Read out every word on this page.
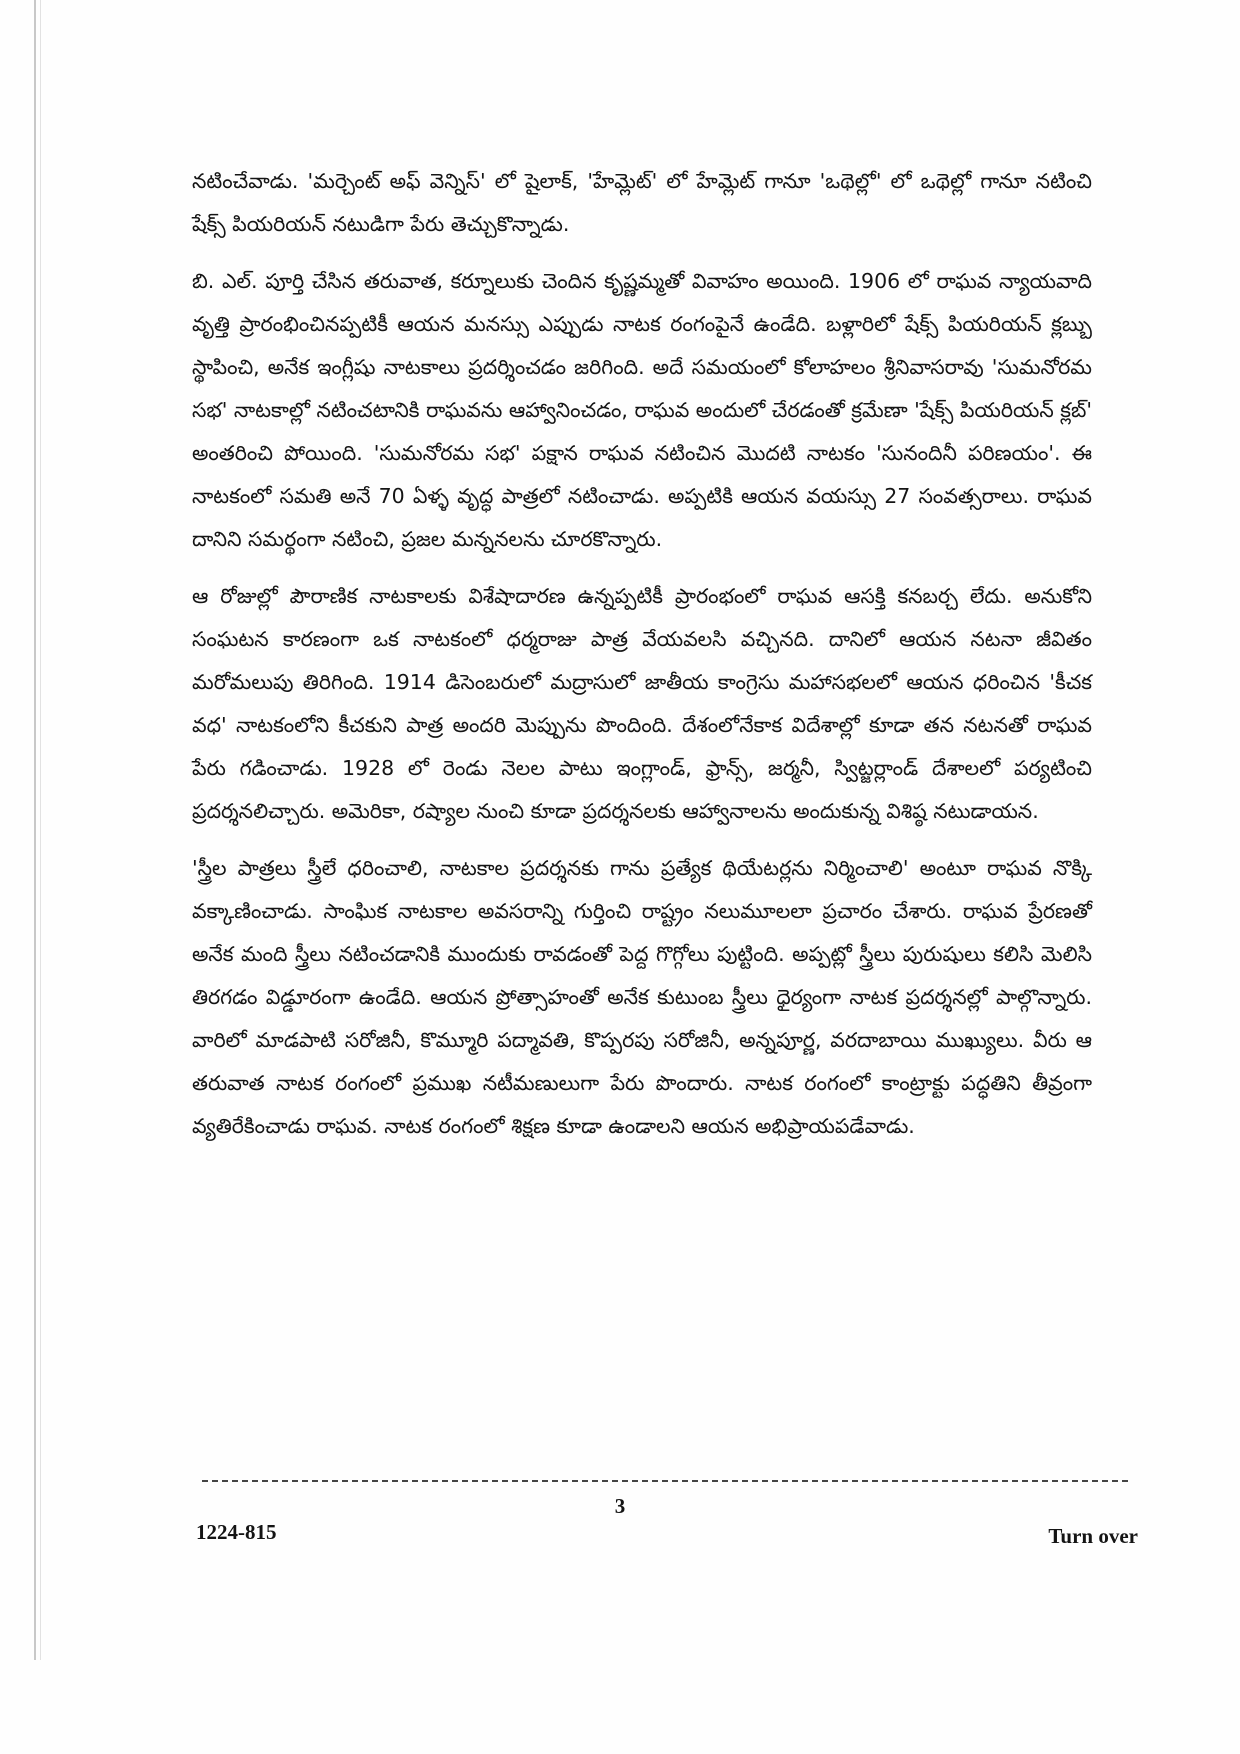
నటించేవాడు. 'మర్చెంట్ అఫ్ వెన్నిస్' లో షైలాక్, 'హేమ్లెట్' లో హేమ్లెట్ గానూ 'ఒథెల్లో' లో ఒథెల్లో గానూ నటించి షేక్స్ పియరియన్ నటుడిగా పేరు తెచ్చుకొన్నాడు.

బి. ఎల్. పూర్తి చేసిన తరువాత, కర్నూలుకు చెందిన కృష్ణమ్మతో వివాహం అయింది. 1906 లో రాఘవ న్యాయవాది వృత్తి ప్రారంభించినప్పటికీ ఆయన మనస్సు ఎప్పుడు నాటక రంగంపైనే ఉండేది. బళ్లారిలో షేక్స్ పియరియన్ క్లబ్బు స్థాపించి, అనేక ఇంగ్లీషు నాటకాలు ప్రదర్శించడం జరిగింది. అదే సమయంలో కోలాహలం శ్రీనివాసరావు 'సుమనోరమ సభ' నాటకాల్లో నటించటానికి రాఘవను ఆహ్వానించడం, రాఘవ అందులో చేరడంతో క్రమేణా 'షేక్స్ పియరియన్ క్లబ్' అంతరించి పోయింది. 'సుమనోరమ సభ' పక్షాన రాఘవ నటించిన మొదటి నాటకం 'సునందినీ పరిణయం'. ఈ నాటకంలో సమతి అనే 70 ఏళ్ళ వృద్ధ పాత్రలో నటించాడు. అప్పటికి ఆయన వయస్సు 27 సంవత్సరాలు. రాఘవ దానిని సమర్థంగా నటించి, ప్రజల మన్ననలను చూరకొన్నారు.

ఆ రోజుల్లో పౌరాణిక నాటకాలకు విశేషాదారణ ఉన్నప్పటికీ ప్రారంభంలో రాఘవ ఆసక్తి కనబర్చ లేదు. అనుకోని సంఘటన కారణంగా ఒక నాటకంలో ధర్మరాజు పాత్ర వేయవలసి వచ్చినది. దానిలో ఆయన నటనా జీవితం మరోమలుపు తిరిగింది. 1914 డిసెంబరులో మద్రాసులో జాతీయ కాంగ్రెసు మహాసభలలో ఆయన ధరించిన 'కీచక వధ' నాటకంలోని కీచకుని పాత్ర అందరి మెప్పును పొందింది. దేశంలోనేకాక విదేశాల్లో కూడా తన నటనతో రాఘవ పేరు గడించాడు. 1928 లో రెండు నెలల పాటు ఇంగ్లాండ్, ఫ్రాన్స్, జర్మనీ, స్విట్జర్లాండ్ దేశాలలో పర్యటించి ప్రదర్శనలిచ్చారు. అమెరికా, రష్యాల నుంచి కూడా ప్రదర్శనలకు ఆహ్వానాలను అందుకున్న విశిష్ఠ నటుడాయన.

'స్త్రీల పాత్రలు స్త్రీలే ధరించాలి, నాటకాల ప్రదర్శనకు గాను ప్రత్యేక థియేటర్లను నిర్మించాలి' అంటూ రాఘవ నొక్కి వక్కాణించాడు. సాంఘిక నాటకాల అవసరాన్ని గుర్తించి రాష్ట్రం నలుమూలలా ప్రచారం చేశారు. రాఘవ ప్రేరణతో అనేక మంది స్త్రీలు నటించడానికి ముందుకు రావడంతో పెద్ద గొగ్గోలు పుట్టింది. అప్పట్లో స్త్రీలు పురుషులు కలిసి మెలిసి తిరగడం విడ్డూరంగా ఉండేది. ఆయన ప్రోత్సాహంతో అనేక కుటుంబ స్త్రీలు ధైర్యంగా నాటక ప్రదర్శనల్లో పాల్గొన్నారు. వారిలో మాడపాటి సరోజినీ, కొమ్మూరి పద్మావతి, కొప్పరపు సరోజినీ, అన్నపూర్ణ, వరదాబాయి ముఖ్యులు. వీరు ఆ తరువాత నాటక రంగంలో ప్రముఖ నటీమణులుగా పేరు పొందారు. నాటక రంగంలో కాంట్రాక్టు పద్ధతిని తీవ్రంగా వ్యతిరేకించాడు రాఘవ. నాటక రంగంలో శిక్షణ కూడా ఉండాలని ఆయన అభిప్రాయపడేవాడు.

3
1224-815	Turn over
